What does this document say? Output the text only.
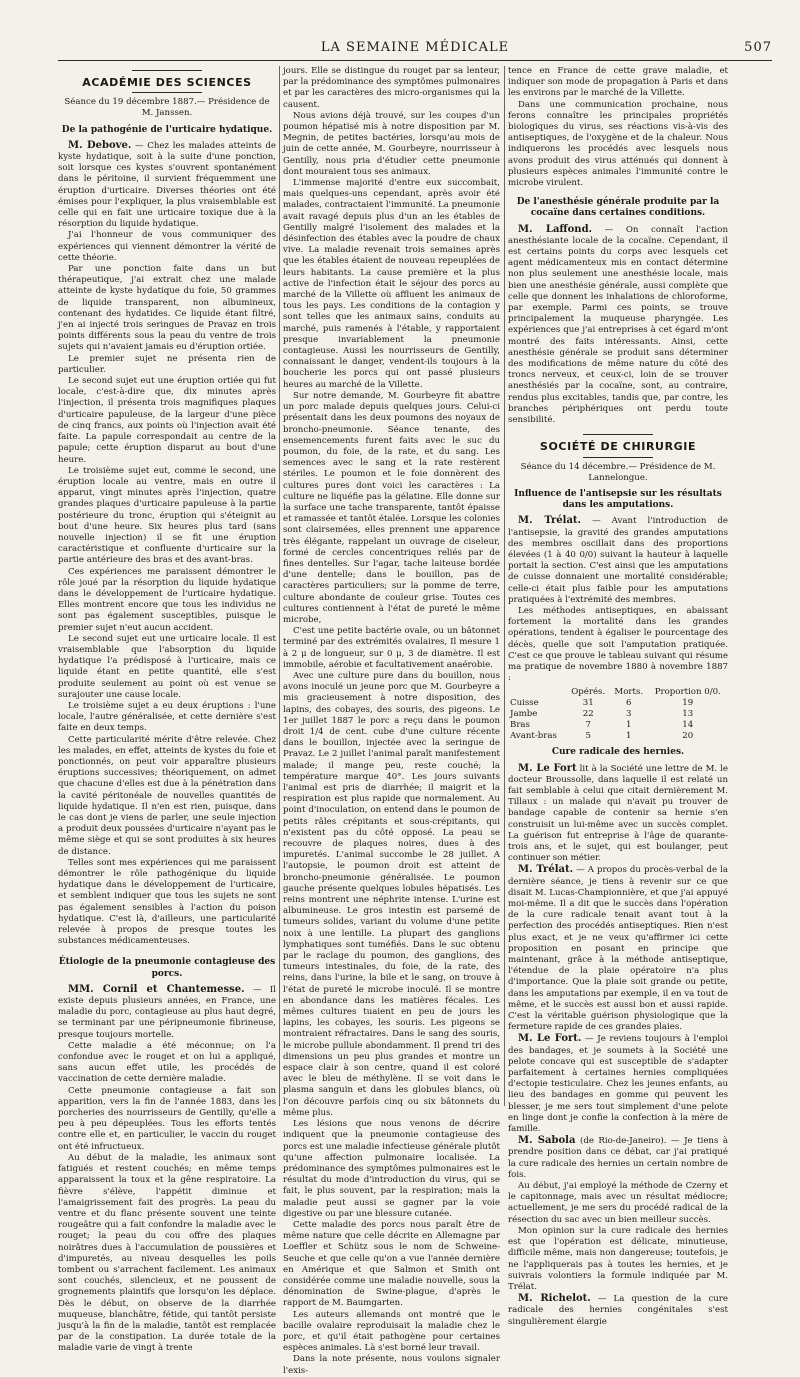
LA SEMAINE MÉDICALE	507
ACADÉMIE DES SCIENCES
Séance du 19 décembre 1887.— Présidence de M. Janssen.
De la pathogénie de l'urticaire hydatique.

M. Debove. — Chez les malades atteints de kyste hydatique, soit à la suite d'une ponction, soit lorsque ces kystes s'ouvrent spontanément dans le péritoine, il survient fréquemment une éruption d'urticaire. Diverses théories ont été émises pour l'expliquer, la plus vraisemblable est celle qui en fait une urticaire toxique due à la résorption du liquide hydatique.

J'ai l'honneur de vous communiquer des expériences qui viennent démontrer la vérité de cette théorie.

Par une ponction faite dans un but thérapeutique, j'ai extrait chez une malade atteinte de kyste hydatique du foie, 50 grammes de liquide transparent, non albumineux, contenant des hydatides. Ce liquide étant filtré, j'en ai injecté trois seringues de Pravaz en trois points différents sous la peau du ventre de trois sujets qui n'avaient jamais eu d'éruption ortiée.

Le premier sujet ne présenta rien de particulier.

Le second sujet eut une éruption ortiée qui fut locale, c'est-à-dire que, dix minutes après l'injection, il présenta trois magnifiques plaques d'urticaire papuleuse, de la largeur d'une pièce de cinq francs, aux points où l'injection avait été faite. La papule correspondait au centre de la papule; cette éruption disparut au bout d'une heure.

Le troisième sujet eut, comme le second, une éruption locale au ventre, mais en outre il apparut, vingt minutes après l'injection, quatre grandes plaques d'urticaire papuleuse à la partie postérieure du tronc, éruption qui s'éteignit au bout d'une heure. Six heures plus tard (sans nouvelle injection) il se fit une éruption caractéristique et confluente d'urticaire sur la partie antérieure des bras et des avant-bras.

Ces expériences me paraissent démontrer le rôle joué par la résorption du liquide hydatique dans le développement de l'urticaire hydatique. Elles montrent encore que tous les individus ne sont pas également susceptibles, puisque le premier sujet n'eut aucun accident.

Le second sujet eut une urticaire locale. Il est vraisemblable que l'absorption du liquide hydatique l'a prédisposé à l'urticaire, mais ce liquide étant en petite quantité, elle s'est produite seulement au point où est venue se surajouter une cause locale.

Le troisième sujet a eu deux éruptions : l'une locale, l'autre généralisée, et cette dernière s'est faite en deux temps.

Cette particularité mérite d'être relevée. Chez les malades, en effet, atteints de kystes du foie et ponctionnés, on peut voir apparaître plusieurs éruptions successives; théoriquement, on admet que chacune d'elles est due à la pénétration dans la cavité péritonéale de nouvelles quantités de liquide hydatique. Il n'en est rien, puisque, dans le cas dont je viens de parler, une seule injection a produit deux poussées d'urticaire n'ayant pas le même siège et qui se sont produites à six heures de distance.

Telles sont mes expériences qui me paraissent démontrer le rôle pathogénique du liquide hydatique dans le développement de l'urticaire, et semblent indiquer que tous les sujets ne sont pas également sensibles à l'action du poison hydatique. C'est là, d'ailleurs, une particularité relevée à propos de presque toutes les substances médicamenteuses.

Étiologie de la pneumonie contagieuse des porcs.

MM. Cornil et Chantemesse. — Il existe depuis plusieurs années, en France, une maladie du porc, contagieuse au plus haut degré, se terminant par une péripneumonie fibrineuse, presque toujours mortelle.

Cette maladie a été méconnue; on l'a confondue avec le rouget et on lui a appliqué, sans aucun effet utile, les procédés de vaccination de cette dernière maladie.

Cette pneumonie contagieuse a fait son apparition, vers la fin de l'année 1883, dans les porcheries des nourrisseurs de Gentilly, qu'elle a peu à peu dépeuplées. Tous les efforts tentés contre elle et, en particulier, le vaccin du rouget ont été infructueux.

Au début de la maladie, les animaux sont fatigués et restent couchés; en même temps apparaissent la toux et la gêne respiratoire. La fièvre s'élève, l'appétit diminue et l'amaigrissement fait des progrès. La peau du ventre et du flanc présente souvent une teinte rougeâtre qui a fait confondre la maladie avec le rouget; la peau du cou offre des plaques noirâtres dues à l'accumulation de poussières et d'impuretés, au niveau desquelles les poils tombent ou s'arrachent facilement. Les animaux sont couchés, silencieux, et ne poussent de grognements plaintifs que lorsqu'on les déplace. Dès le début, on observe de la diarrhée muqueuse, blanchâtre, fétide, qui tantôt persiste jusqu'à la fin de la maladie, tantôt est remplacée par de la constipation. La durée totale de la maladie varie de vingt à trente

jours. Elle se distingue du rouget par sa lenteur, par la prédominance des symptômes pulmonaires et par les caractères des micro-organismes qui la causent.

Nous avions déjà trouvé, sur les coupes d'un poumon hépatisé mis à notre disposition par M. Megnin, de petites bactéries, lorsqu'au mois de juin de cette année, M. Gourbeyre, nourrisseur à Gentilly, nous pria d'étudier cette pneumonie dont mouraient tous ses animaux.

L'immense majorité d'entre eux succombait, mais quelques-uns cependant, après avoir été malades, contractaient l'immunité. La pneumonie avait ravagé depuis plus d'un an les étables de Gentilly malgré l'isolement des malades et la désinfection des étables avec la poudre de chaux vive. La maladie revenait trois semaines après que les étables étaient de nouveau repeuplées de leurs habitants. La cause première et la plus active de l'infection était le séjour des porcs au marché de la Villette où affluent les animaux de tous les pays. Les conditions de la contagion y sont telles que les animaux sains, conduits au marché, puis ramenés à l'étable, y rapportaient presque invariablement la pneumonie contagieuse. Aussi les nourrisseurs de Gentilly, connaissant le danger, vendent-ils toujours à la boucherie les porcs qui ont passé plusieurs heures au marché de la Villette.

Sur notre demande, M. Gourbeyre fit abattre un porc malade depuis quelques jours. Celui-ci présentait dans les deux poumons des noyaux de broncho-pneumonie. Séance tenante, des ensemencements furent faits avec le suc du poumon, du foie, de la rate, et du sang. Les semences avec le sang et la rate restèrent stériles. Le poumon et le foie donnèrent des cultures pures dont voici les caractères : La culture ne liquéfie pas la gélatine. Elle donne sur la surface une tache transparente, tantôt épaisse et ramassée et tantôt étalée. Lorsque les colonies sont clairsemées, elles prennent une apparence très élégante, rappelant un ouvrage de ciseleur, formé de cercles concentriques reliés par de fines dentelles. Sur l'agar, tache laiteuse bordée d'une dentelle; dans le bouillon, pas de caractères particuliers; sur la pomme de terre, culture abondante de couleur grise. Toutes ces cultures contiennent à l'état de pureté le même microbe,

C'est une petite bactérie ovale, ou un bâtonnet terminé par des extrémités ovalaires, Il mesure 1 à 2 μ de longueur, sur 0 μ, 3 de diamètre. Il est immobile, aérobie et facultativement anaérobie.

Avec une culture pure dans du bouillon, nous avons inoculé un jeune porc que M. Gourbeyre a mis gracieusement à notre disposition, des lapins, des cobayes, des souris, des pigeons. Le 1er juillet 1887 le porc a reçu dans le poumon droit 1/4 de cent. cube d'une culture récente dans le bouillon, injectée avec la seringue de Pravaz. Le 2 juillet l'animal paraît manifestement malade; il mange peu, reste couché; la température marque 40°. Les jours suivants l'animal est pris de diarrhée; il maigrit et la respiration est plus rapide que normalement. Au point d'inoculation, on entend dans le poumon de petits râles crépitants et sous-crépitants, qui n'existent pas du côté opposé. La peau se recouvre de plaques noires, dues à des impuretés. L'animal succombe le 28 juillet. A l'autopsie, le poumon droit est atteint de broncho-pneumonie généralisée. Le poumon gauche présente quelques lobules hépatisés. Les reins montrent une néphrite intense. L'urine est albumineuse. Le gros intestin est parsemé de tumeurs solides, variant du volume d'une petite noix à une lentille. La plupart des ganglions lymphatiques sont tuméfiés. Dans le suc obtenu par le raclage du poumon, des ganglions, des tumeurs intestinales, du foie, de la rate, des reins, dans l'urine, la bile et le sang, on trouve à l'état de pureté le microbe inoculé. Il se montre en abondance dans les matières fécales. Les mêmes cultures tuaient en peu de jours les lapins, les cobayes, les souris. Les pigeons se montraient réfractaires. Dans le sang des souris, le microbe pullule abondamment. Il prend tri des dimensions un peu plus grandes et montre un espace clair à son centre, quand il est coloré avec le bleu de méthylène. Il se voit dans le plasma sanguin et dans les globules blancs, où l'on découvre parfois cinq ou six bâtonnets du même plus.

Les lésions que nous venons de décrire indiquent que la pneumonie contagieuse des porcs est une maladie infectieuse générale plutôt qu'une affection pulmonaire localisée. La prédominance des symptômes pulmonaires est le résultat du mode d'introduction du virus, qui se fait, le plus souvent, par la respiration; mais la maladie peut aussi se gagner par la voie digestive ou par une blessure cutanée.

Cette maladie des porcs nous paraît être de même nature que celle décrite en Allemagne par Loeffler et Schütz sous le nom de Schweine-Seuche et que celle qu'on a vue l'année dernière en Amérique et que Salmon et Smith ont considérée comme une maladie nouvelle, sous la dénomination de Swine-plague, d'après le rapport de M. Baumgarten.

Les auteurs allemands ont montré que le bacille ovalaire reproduisait la maladie chez le porc, et qu'il était pathogène pour certaines espèces animales. Là s'est borné leur travail.

Dans la note présente, nous voulons signaler l'exis-

tence en France de cette grave maladie, et indiquer son mode de propagation à Paris et dans les environs par le marché de la Villette.

Dans une communication prochaine, nous ferons connaître les principales propriétés biologiques du virus, ses réactions vis-à-vis des antiseptiques, de l'oxygène et de la chaleur. Nous indiquerons les procédés avec lesquels nous avons produit des virus atténués qui donnent à plusieurs espèces animales l'immunité contre le microbe virulent.

De l'anesthésie générale produite par la cocaïne dans certaines conditions.

M. Laffond. — On connaît l'action anesthésiante locale de la cocaïne. Cependant, il est certains points du corps avec lesquels cet agent médicamenteux mis en contact détermine non plus seulement une anesthésie locale, mais bien une anesthésie générale, aussi complète que celle que donnent les inhalations de chloroforme, par exemple. Parmi ces points, se trouve principalement la muqueuse pharyngée. Les expériences que j'ai entreprises à cet égard m'ont montré des faits intéressants. Ainsi, cette anesthésie générale se produit sans déterminer des modifications de même nature du côté des troncs nerveux, et ceux-ci, loin de se trouver anesthésiés par la cocaïne, sont, au contraire, rendus plus excitables, tandis que, par contre, les branches périphériques ont perdu toute sensibilité.

SOCIÉTÉ DE CHIRURGIE
Séance du 14 décembre.— Présidence de M. Lannelongue.
Influence de l'antisepsie sur les résultats dans les amputations.

M. Trélat. — Avant l'introduction de l'antisepsie, la gravité des grandes amputations des membres oscillait dans des proportions élevées (1 à 40 0/0) suivant la hauteur à laquelle portait la section. C'est ainsi que les amputations de cuisse donnaient une mortalité considérable; celle-ci était plus faible pour les amputations pratiquées à l'extrémité des membres.

Les méthodes antiseptiques, en abaissant fortement la mortalité dans les grandes opérations, tendent à égaliser le pourcentage des décès, quelle que soit l'amputation pratiquée. C'est ce que prouve le tableau suivant qui résume ma pratique de novembre 1880 à novembre 1887 :

	Opérés.	Morts.	Proportion 0/0.
Cuisse	31	6	19
Jambe	22	3	13
Bras	7	1	14
Avant-bras	5	1	20
Cure radicale des hernies.

M. Le Fort lit à la Société une lettre de M. le docteur Broussolle, dans laquelle il est relaté un fait semblable à celui que citait dernièrement M. Tillaux : un malade qui n'avait pu trouver de bandage capable de contenir sa hernie s'en construisit un lui-même avec un succès complet. La guérison fut entreprise à l'âge de quarante-trois ans, et le sujet, qui est boulanger, peut continuer son métier.

M. Trélat. — A propos du procès-verbal de la dernière séance, je tiens à revenir sur ce que disait M. Lucas-Championnière, et que j'ai appuyé moi-même. Il a dit que le succès dans l'opération de la cure radicale tenait avant tout à la perfection des procédés antiseptiques. Rien n'est plus exact, et je ne veux qu'affirmer ici cette proposition en posant en principe que maintenant, grâce à la méthode antiseptique, l'étendue de la plaie opératoire n'a plus d'importance. Que la plaie soit grande ou petite, dans les amputations par exemple, il en va tout de même, et le succès est aussi bon et aussi rapide. C'est la véritable guérison physiologique que la fermeture rapide de ces grandes plaies.

M. Le Fort. — Je reviens toujours à l'emploi des bandages, et je soumets à la Société une pelote concave qui est susceptible de s'adapter parfaitement à certaines hernies compliquées d'ectopie testiculaire. Chez les jeunes enfants, au lieu des bandages en gomme qui peuvent les blesser, je me sers tout simplement d'une pelote en linge dont je confie la confection à la mère de famille.

M. Sabola (de Rio-de-Janeiro). — Je tiens à prendre position dans ce débat, car j'ai pratiqué la cure radicale des hernies un certain nombre de fois.

Au début, j'ai employé la méthode de Czerny et le capitonnage, mais avec un résultat médiocre; actuellement, je me sers du procédé radical de la résection du sac avec un bien meilleur succès.

Mon opinion sur la cure radicale des hernies est que l'opération est délicate, minutieuse, difficile même, mais non dangereuse; toutefois, je ne l'appliquerais pas à toutes les hernies, et je suivrais volontiers la formule indiquée par M. Trélat.

M. Richelot. — La question de la cure radicale des hernies congénitales s'est singulièrement élargie
